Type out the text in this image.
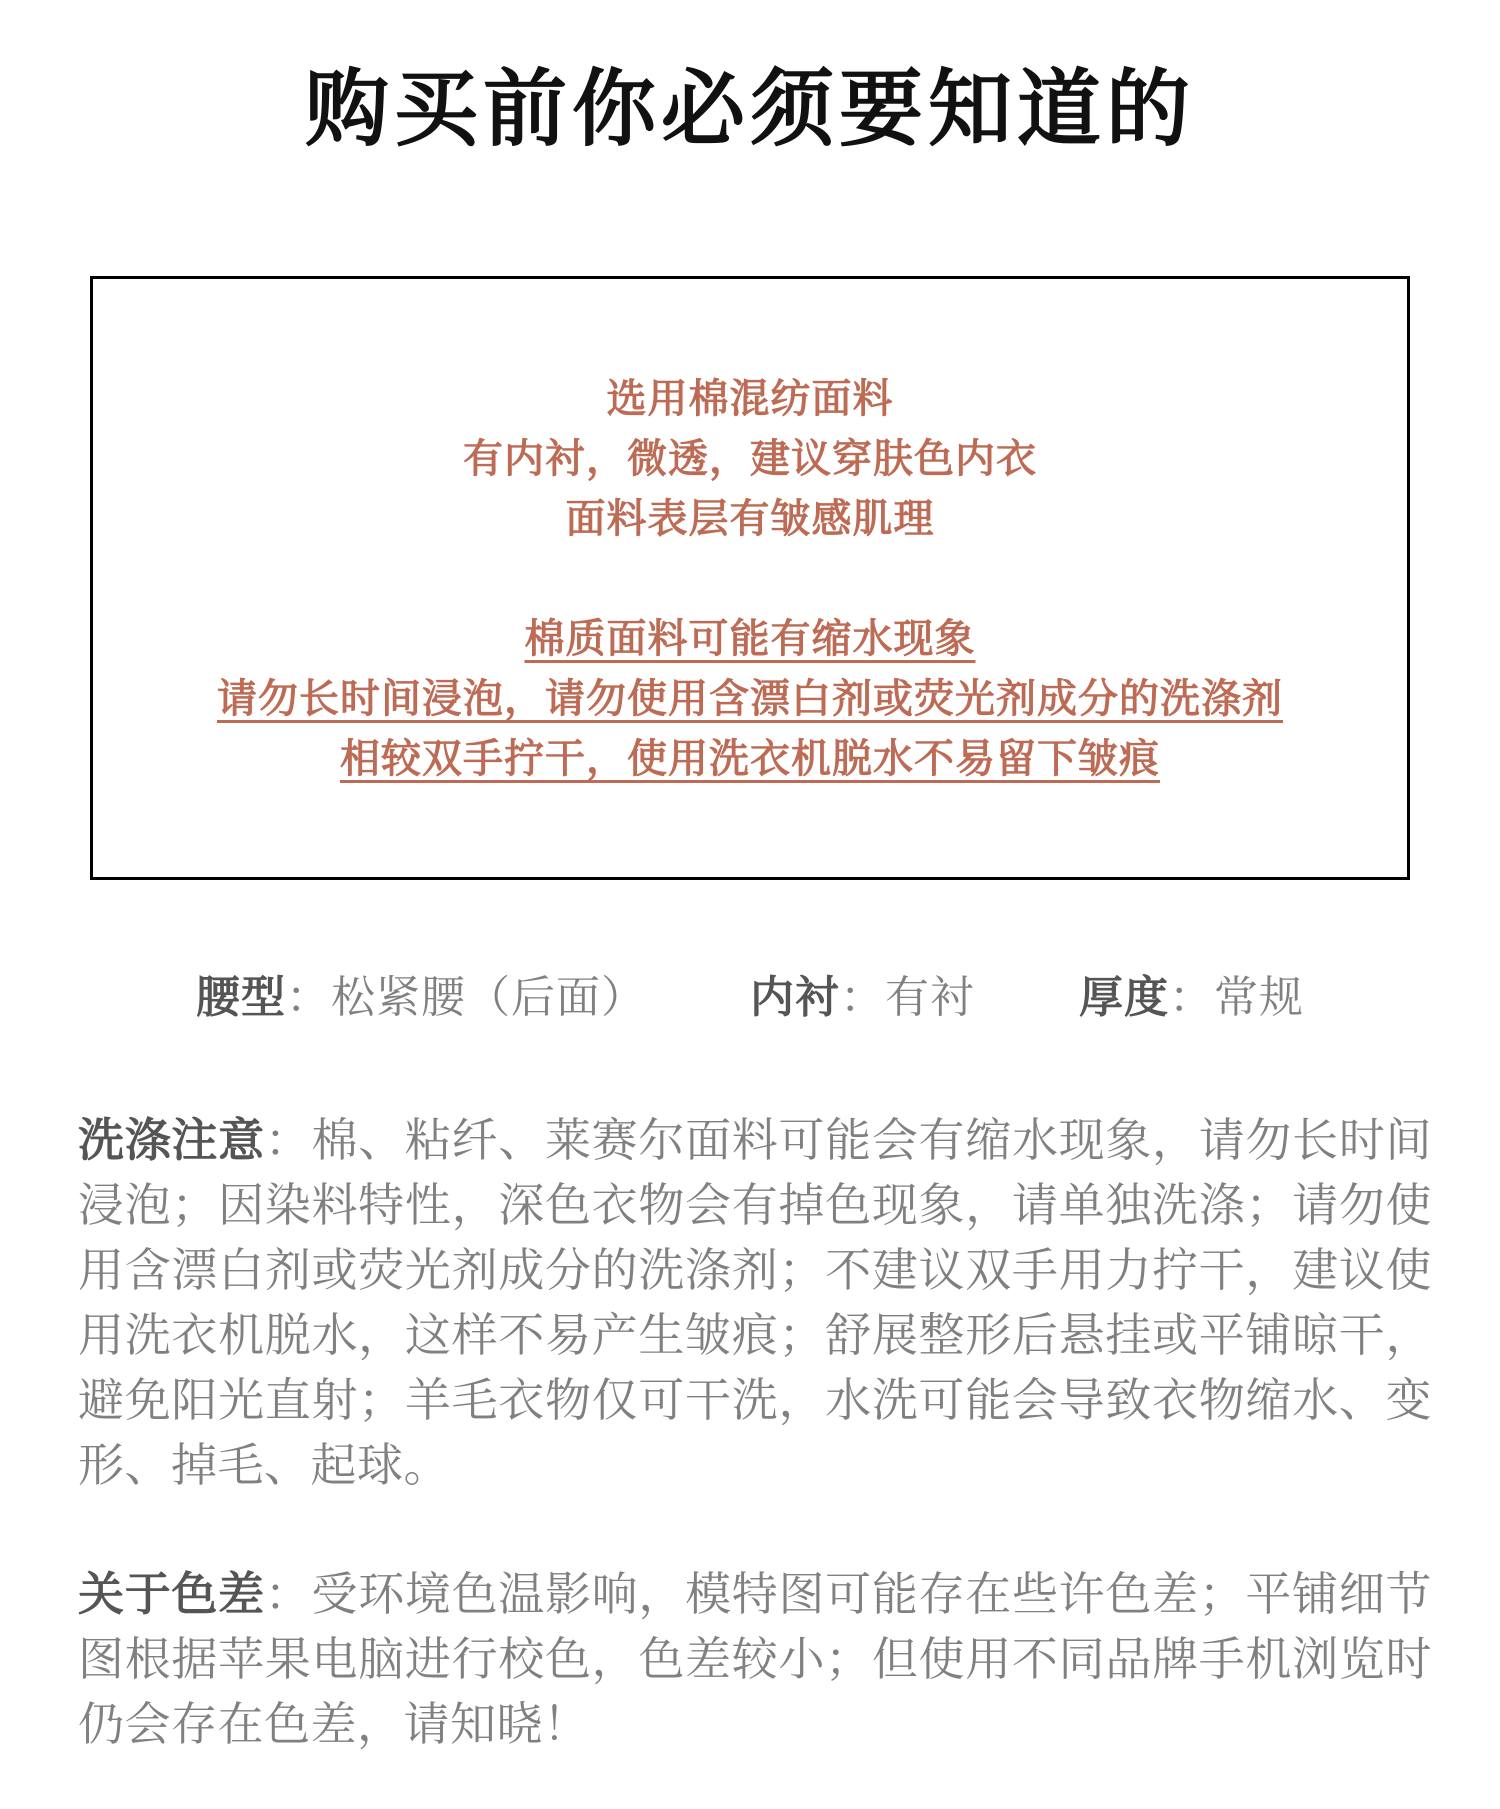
购买前你必须要知道的

选用棉混纺面料

有内衬，微透，建议穿肤色内衣

面料表层有皱感肌理

棉质面料可能有缩水现象

请勿长时间浸泡，请勿使用含漂白剂或荧光剂成分的洗涤剂

相较双手拧干，使用洗衣机脱水不易留下皱痕

腰型：松紧腰（后面） 内衬：有衬 厚度：常规

洗涤注意：棉、粘纤、莱赛尔面料可能会有缩水现象，请勿长时间浸泡；因染料特性，深色衣物会有掉色现象，请单独洗涤；请勿使用含漂白剂或荧光剂成分的洗涤剂；不建议双手用力拧干，建议使用洗衣机脱水，这样不易产生皱痕；舒展整形后悬挂或平铺晾干，避免阳光直射；羊毛衣物仅可干洗，水洗可能会导致衣物缩水、变形、掉毛、起球。

关于色差：受环境色温影响，模特图可能存在些许色差；平铺细节图根据苹果电脑进行校色，色差较小；但使用不同品牌手机浏览时仍会存在色差，请知晓！
